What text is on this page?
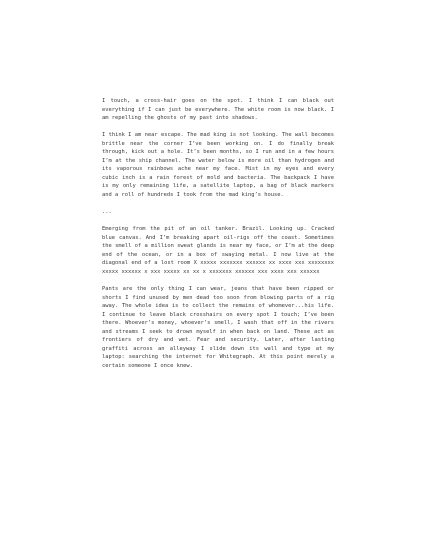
I touch, a cross-hair goes on the spot. I think I can black out everything if I can just be everywhere. The white room is now black. I am repelling the ghosts of my past into shadows.

I think I am near escape. The mad king is not looking. The wall becomes brittle near the corner I’ve been working on. I do finally break through, kick out a hole. It’s been months, so I run and in a few hours I’m at the ship channel. The water below is more oil than hydrogen and its vaporous rainbows ache near my face. Mist in my eyes and every cubic inch is a rain forest of mold and bacteria. The backpack I have is my only remaining life, a satellite laptop, a bag of black markers and a roll of hundreds I took from the mad king’s house.

...

Emerging from the pit of an oil tanker. Brazil. Looking up. Cracked blue canvas. And I’m breaking apart oil-rigs off the coast. Sometimes the smell of a million sweat glands is near my face, or I’m at the deep end of the ocean, or in a box of swaying metal. I now live at the diagonal end of a lost room X xxxxx xxxxxxx xxxxxx xx xxxx xxx xxxxxxxx xxxxx xxxxxx x xxx xxxxx xx xx x xxxxxxx xxxxxx xxx xxxx xxx xxxxxx

Pants are the only thing I can wear, jeans that have been ripped or shorts I find unused by men dead too soon from blowing parts of a rig away. The whole idea is to collect the remains of whomever...his life. I continue to leave black crosshairs on every spot I touch; I’ve been there. Whoever’s money, whoever’s smell, I wash that off in the rivers and streams I seek to drown myself in when back on land. These act as frontiers of dry and wet. Fear and security. Later, after lasting graffiti across an alleyway I slide down its wall and type at my laptop: searching the internet for Whitegraph. At this point merely a certain someone I once knew.
